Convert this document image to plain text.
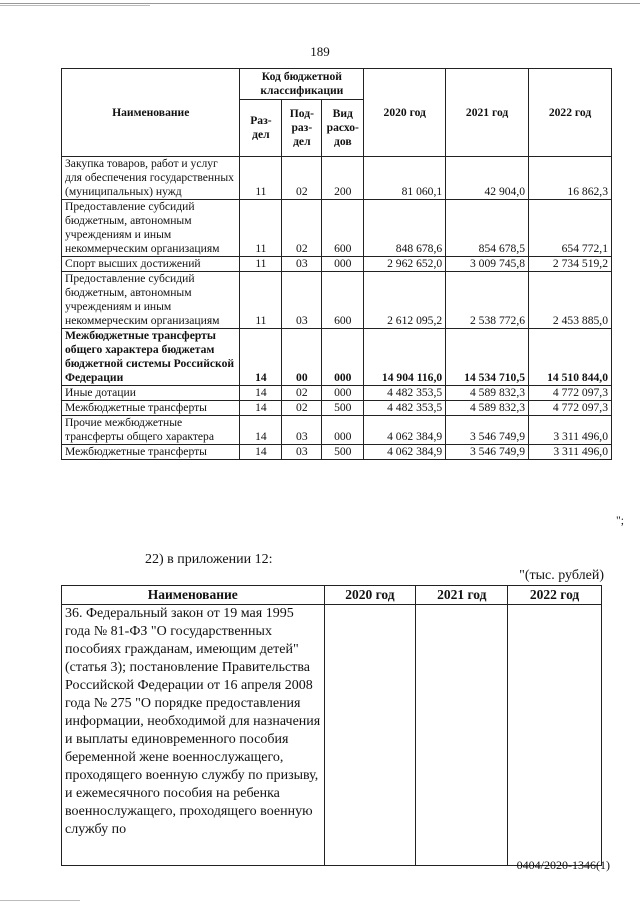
189
Наименование	Код бюджетной классификации			2020 год	2021 год	2022 год
	Раз-дел	Под-раз-дел	Вид расхо-дов			
Закупка товаров, работ и услуг для обеспечения государственных (муниципальных) нужд	11	02	200	81 060,1	42 904,0	16 862,3
Предоставление субсидий бюджетным, автономным учреждениям и иным некоммерческим организациям	11	02	600	848 678,6	854 678,5	654 772,1
Спорт высших достижений	11	03	000	2 962 652,0	3 009 745,8	2 734 519,2
Предоставление субсидий бюджетным, автономным учреждениям и иным некоммерческим организациям	11	03	600	2 612 095,2	2 538 772,6	2 453 885,0
Межбюджетные трансферты общего характера бюджетам бюджетной системы Российской Федерации	14	00	000	14 904 116,0	14 534 710,5	14 510 844,0
Иные дотации	14	02	000	4 482 353,5	4 589 832,3	4 772 097,3
Межбюджетные трансферты	14	02	500	4 482 353,5	4 589 832,3	4 772 097,3
Прочие межбюджетные трансферты общего характера	14	03	000	4 062 384,9	3 546 749,9	3 311 496,0
Межбюджетные трансферты	14	03	500	4 062 384,9	3 546 749,9	3 311 496,0
";
22) в приложении 12:
"(тыс. рублей)
Наименование	2020 год	2021 год	2022 год
36. Федеральный закон от 19 мая 1995 года № 81-ФЗ "О государственных пособиях гражданам, имеющим детей" (статья 3); постановление Правительства Российской Федерации от 16 апреля 2008 года № 275 "О порядке предоставления информации, необходимой для назначения и выплаты единовременного пособия беременной жене военнослужащего, проходящего военную службу по призыву, и ежемесячного пособия на ребенка военнослужащего, проходящего военную службу по			
0404/2020-1346(1)
